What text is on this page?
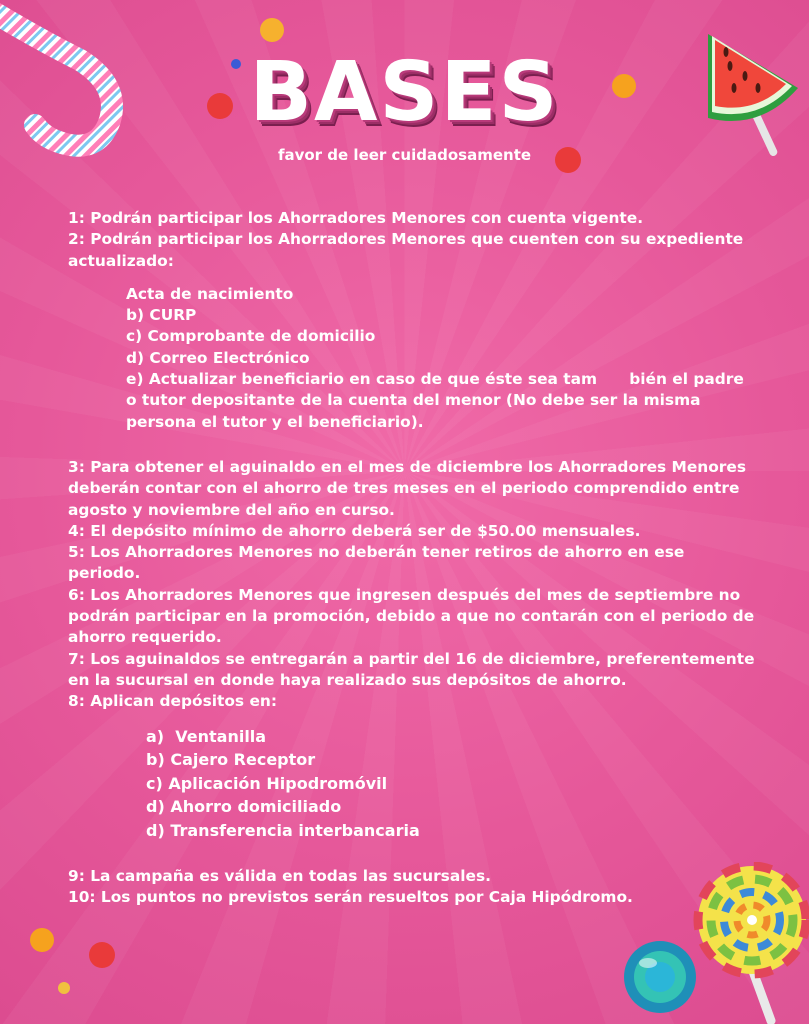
BASES
favor de leer cuidadosamente

1: Podrán participar los Ahorradores Menores con cuenta vigente.

2: Podrán participar los Ahorradores Menores que cuenten con su expediente actualizado:

Acta de nacimiento

b) CURP

c) Comprobante de domicilio

d) Correo Electrónico

e) Actualizar beneficiario en caso de que éste sea tam      bién el padre o tutor depositante de la cuenta del menor (No debe ser la misma persona el tutor y el beneficiario).

3: Para obtener el aguinaldo en el mes de diciembre los Ahorradores Menores deberán contar con el ahorro de tres meses en el periodo comprendido entre agosto y noviembre del año en curso.

4: El depósito mínimo de ahorro deberá ser de $50.00 mensuales.

5: Los Ahorradores Menores no deberán tener retiros de ahorro en ese periodo.

6: Los Ahorradores Menores que ingresen después del mes de septiembre no podrán participar en la promoción, debido a que no contarán con el periodo de ahorro requerido.

7: Los aguinaldos se entregarán a partir del 16 de diciembre, preferentemente en la sucursal en donde haya realizado sus depósitos de ahorro.

8: Aplican depósitos en:

a)  Ventanilla

b) Cajero Receptor

c) Aplicación Hipodromóvil

d) Ahorro domiciliado

d) Transferencia interbancaria

9: La campaña es válida en todas las sucursales.

10: Los puntos no previstos serán resueltos por Caja Hipódromo.
